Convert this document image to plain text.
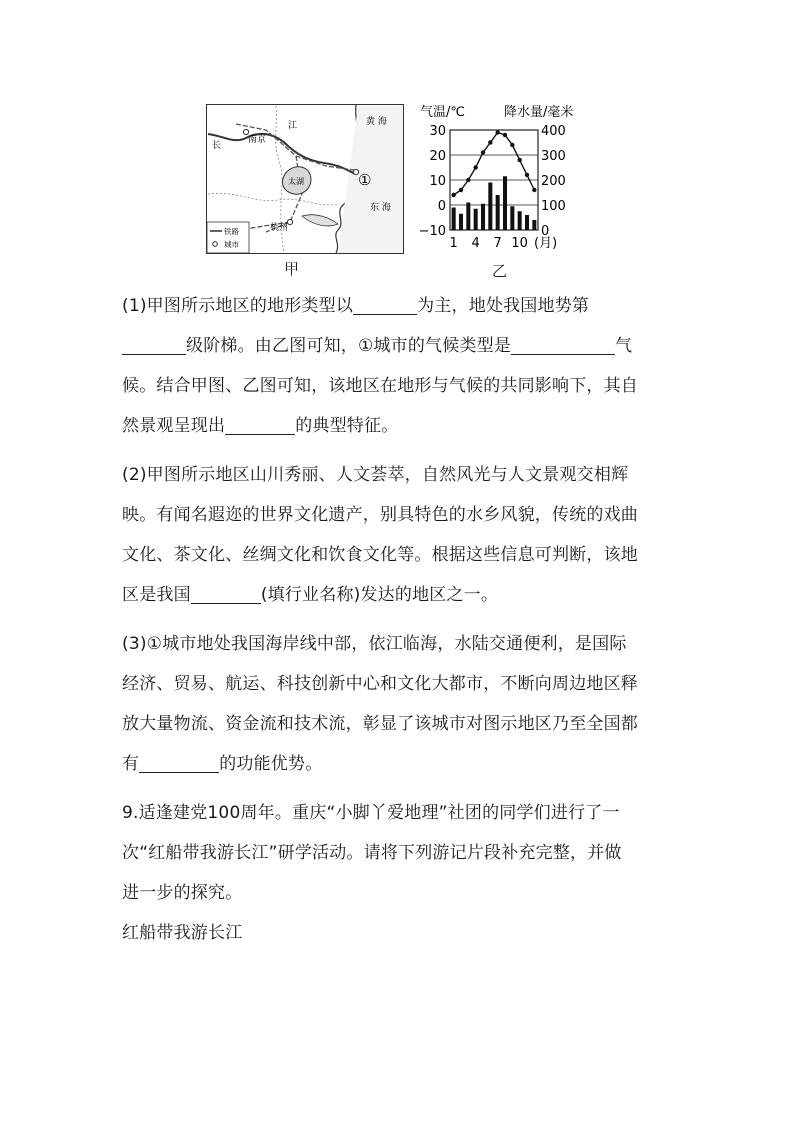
南京
江	黄 海
长
太湖	①
东 海
杭州
铁路
城市
甲
气温/℃	降水量/毫米
30
20
10
0
−10
400
300
200
100
0
1 4 7 10 (月)
乙
(1)甲图所示地区的地形类型以	为主，地处我国地势第
级阶梯。由乙图可知，①城市的气候类型是	气
候。结合甲图、乙图可知，该地区在地形与气候的共同影响下，其自
然景观呈现出	的典型特征。
(2)甲图所示地区山川秀丽、人文荟萃，自然风光与人文景观交相辉
映。有闻名遐迩的世界文化遗产，别具特色的水乡风貌，传统的戏曲
文化、茶文化、丝绸文化和饮食文化等。根据这些信息可判断，该地
区是我国	(填行业名称)发达的地区之一。
(3)①城市地处我国海岸线中部，依江临海，水陆交通便利，是国际
经济、贸易、航运、科技创新中心和文化大都市，不断向周边地区释
放大量物流、资金流和技术流，彰显了该城市对图示地区乃至全国都
有	的功能优势。
9.适逢建党100周年。重庆“小脚丫爱地理”社团的同学们进行了一
次“红船带我游长江”研学活动。请将下列游记片段补充完整，并做
进一步的探究。
红船带我游长江
